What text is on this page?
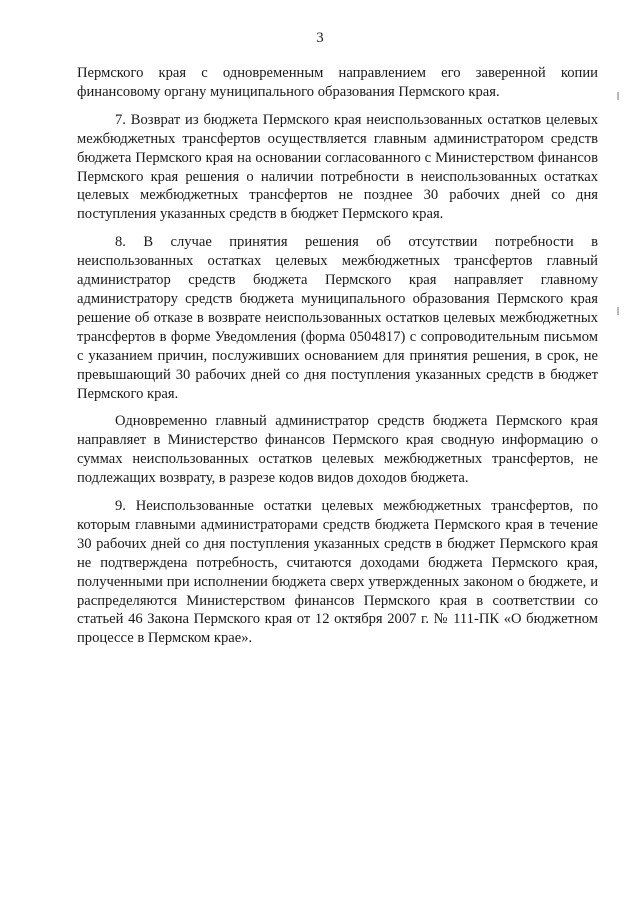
3

Пермского края с одновременным направлением его заверенной копии финансовому органу муниципального образования Пермского края.

7. Возврат из бюджета Пермского края неиспользованных остатков целевых межбюджетных трансфертов осуществляется главным администратором средств бюджета Пермского края на основании согласованного с Министерством финансов Пермского края решения о наличии потребности в неиспользованных остатках целевых межбюджетных трансфертов не позднее 30 рабочих дней со дня поступления указанных средств в бюджет Пермского края.

8. В случае принятия решения об отсутствии потребности в неиспользованных остатках целевых межбюджетных трансфертов главный администратор средств бюджета Пермского края направляет главному администратору средств бюджета муниципального образования Пермского края решение об отказе в возврате неиспользованных остатков целевых межбюджетных трансфертов в форме Уведомления (форма 0504817) с сопроводительным письмом с указанием причин, послуживших основанием для принятия решения, в срок, не превышающий 30 рабочих дней со дня поступления указанных средств в бюджет Пермского края.

Одновременно главный администратор средств бюджета Пермского края направляет в Министерство финансов Пермского края сводную информацию о суммах неиспользованных остатков целевых межбюджетных трансфертов, не подлежащих возврату, в разрезе кодов видов доходов бюджета.

9. Неиспользованные остатки целевых межбюджетных трансфертов, по которым главными администраторами средств бюджета Пермского края в течение 30 рабочих дней со дня поступления указанных средств в бюджет Пермского края не подтверждена потребность, считаются доходами бюджета Пермского края, полученными при исполнении бюджета сверх утвержденных законом о бюджете, и распределяются Министерством финансов Пермского края в соответствии со статьей 46 Закона Пермского края от 12 октября 2007 г. № 111-ПК «О бюджетном процессе в Пермском крае».
